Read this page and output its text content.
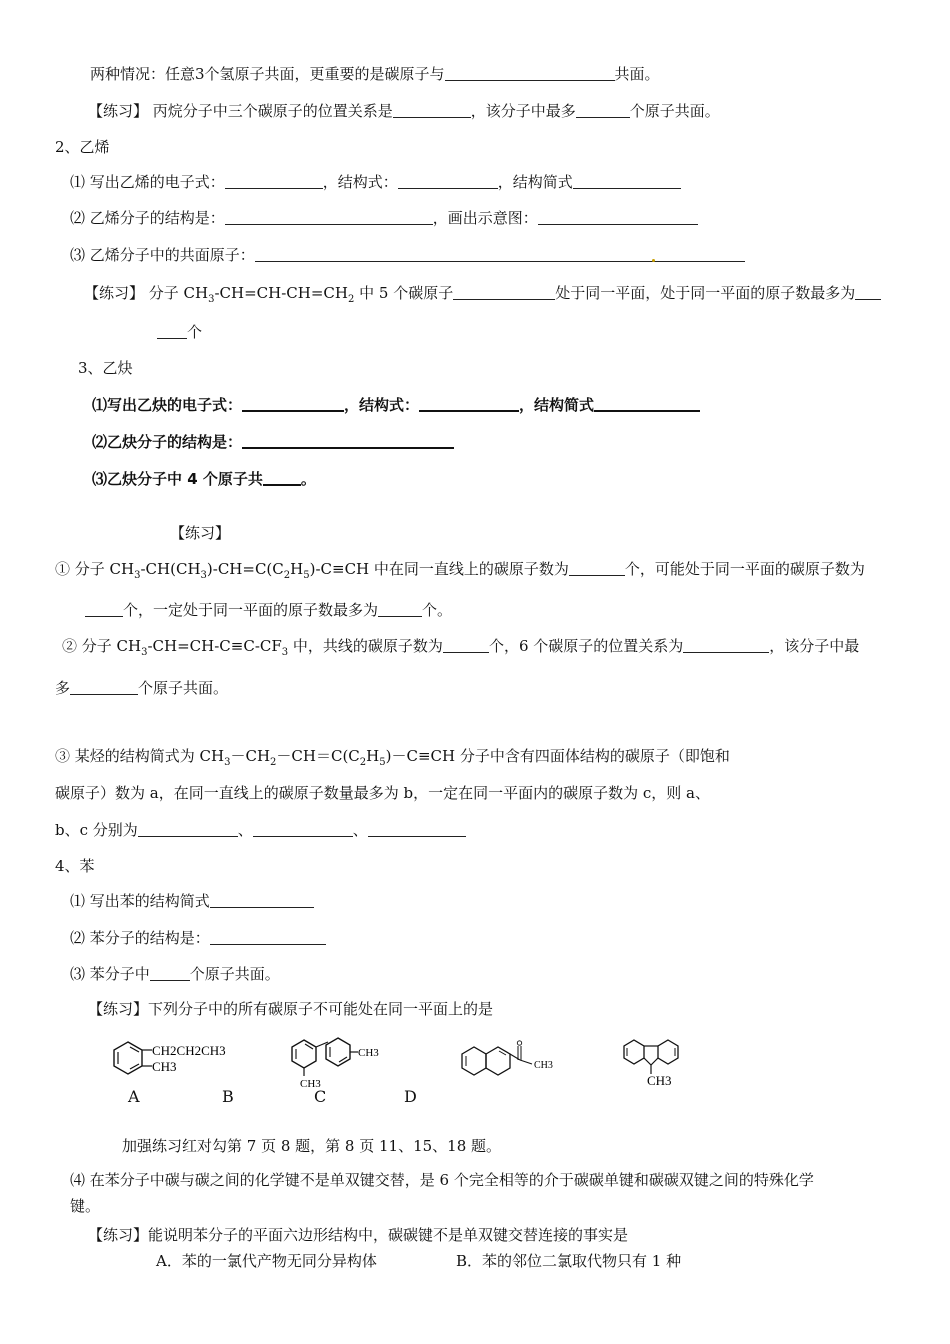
两种情况：任意3个氢原子共面，更重要的是碳原子与	共面。
【练习】 丙烷分子中三个碳原子的位置关系是	，该分子中最多	个原子共面。
2、乙烯
⑴ 写出乙烯的电子式：	，结构式：	，结构简式
⑵ 乙烯分子的结构是：	，画出示意图：
⑶ 乙烯分子中的共面原子：
【练习】 分子 $CH_3-CH=CH-CH=CH_2$ 中 5 个碳原子	处于同一平面，处于同一平面的原子数最多为
个
3、乙炔
⑴写出乙炔的电子式：	，结构式：	，结构简式
⑵乙炔分子的结构是：
⑶乙炔分子中 4 个原子共	。
【练习】
① 分子 $CH_3-CH(CH_3)-CH=C(C_2H_5)-C\equiv CH$ 中在同一直线上的碳原子数为	个，可能处于同一平面的碳原子数为
个，一定处于同一平面的原子数最多为	个。
② 分子 $CH_3-CH=CH-C\equiv C-CF_3$ 中，共线的碳原子数为	个，6 个碳原子的位置关系为	，该分子中最
多	个原子共面。
③ 某烃的结构简式为 $CH_3-CH_2-CH=C(C_2H_5)-C\equiv CH$ 分子中含有四面体结构的碳原子（即饱和
碳原子）数为 a，在同一直线上的碳原子数量最多为 b，一定在同一平面内的碳原子数为 c，则 a、
b、c 分别为	、	、
4、苯
⑴ 写出苯的结构简式
⑵ 苯分子的结构是：
⑶ 苯分子中	个原子共面。
【练习】下列分子中的所有碳原子不可能处在同一平面上的是
CH2CH2CH3
CH3
CH3
CH3
CH3
CH3
A	B	C	D
加强练习红对勾第 7 页 8 题，第 8 页 11、15、18 题。
⑷ 在苯分子中碳与碳之间的化学键不是单双键交替，是 6 个完全相等的介于碳碳单键和碳碳双键之间的特殊化学
键。
【练习】能说明苯分子的平面六边形结构中，碳碳键不是单双键交替连接的事实是
A．苯的一氯代产物无同分异构体	B．苯的邻位二氯取代物只有 1 种
